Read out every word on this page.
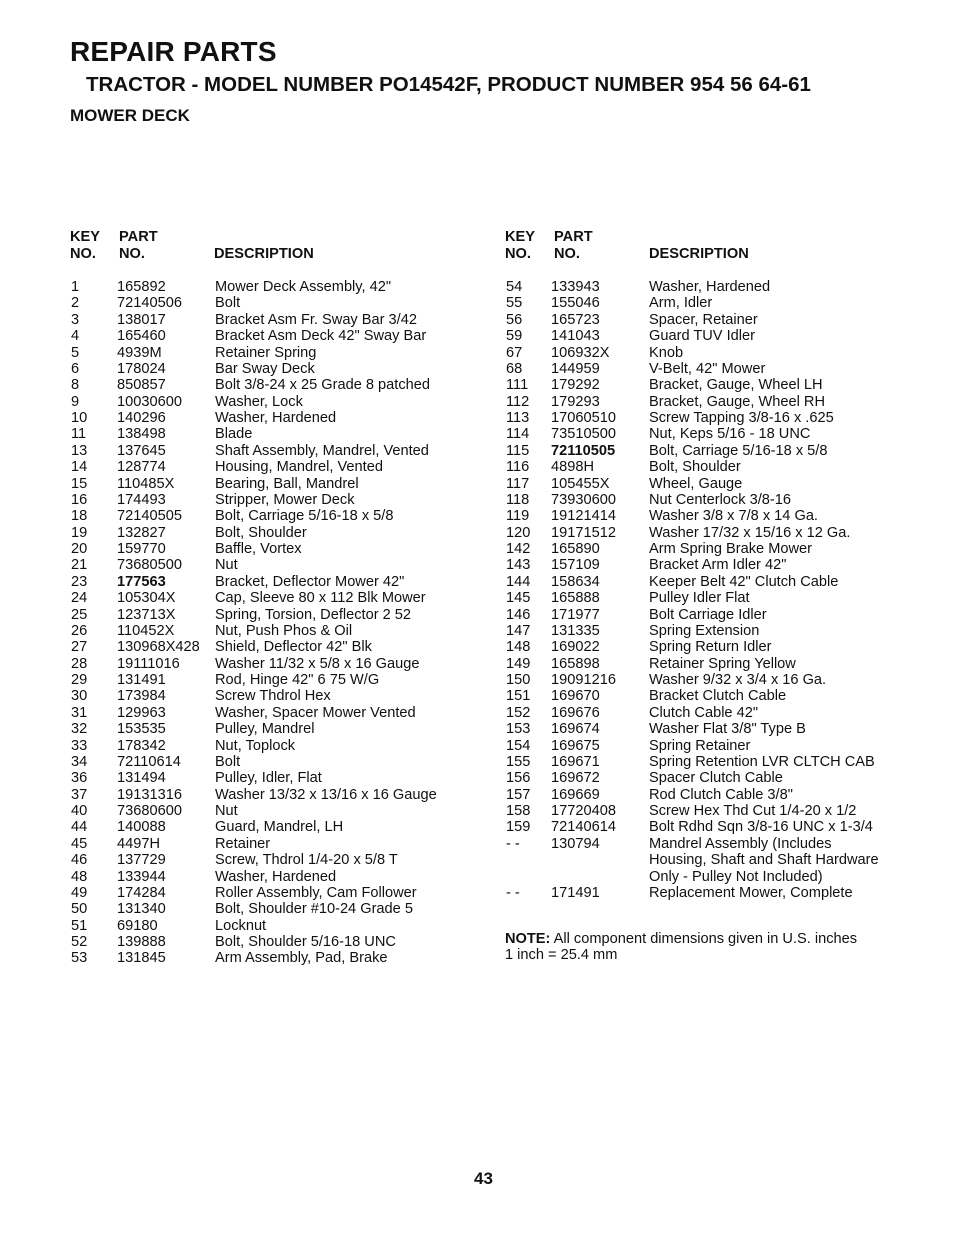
REPAIR PARTS
TRACTOR - MODEL NUMBER PO14542F, PRODUCT NUMBER 954 56 64-61
MOWER DECK
KEY
NO.
PART
NO.	DESCRIPTION
1	165892	Mower Deck Assembly, 42"
2	72140506 Bolt
3	138017	Bracket Asm Fr. Sway Bar 3/42
4	165460	Bracket Asm Deck 42" Sway Bar
5	4939M	Retainer Spring
6	178024	Bar Sway Deck
8	850857	Bolt 3/8-24 x 25 Grade 8 patched
9	10030600 Washer, Lock
10 140296	Washer, Hardened
11 138498	Blade
13 137645	Shaft Assembly, Mandrel, Vented
14 128774	Housing, Mandrel, Vented
15 110485X	Bearing, Ball, Mandrel
16 174493	Stripper, Mower Deck
18 72140505 Bolt, Carriage 5/16-18 x 5/8
19 132827	Bolt, Shoulder
20 159770	Baffle, Vortex
21 73680500 Nut
23 177563	Bracket, Deflector Mower 42"
24 105304X	Cap, Sleeve 80 x 112 Blk Mower
25 123713X	Spring, Torsion, Deflector 2 52
26 110452X	Nut, Push Phos & Oil
27 130968X428 Shield, Deflector 42" Blk
28 19111016 Washer 11/32 x 5/8 x 16 Gauge
29 131491	Rod, Hinge 42" 6 75 W/G
30 173984	Screw Thdrol Hex
31 129963	Washer, Spacer Mower Vented
32 153535	Pulley, Mandrel
33 178342	Nut, Toplock
34 72110614 Bolt
36 131494	Pulley, Idler, Flat
37 19131316 Washer 13/32 x 13/16 x 16 Gauge
40 73680600 Nut
44 140088	Guard, Mandrel, LH
45 4497H	Retainer
46 137729	Screw, Thdrol 1/4-20 x 5/8 T
48 133944	Washer, Hardened
49 174284	Roller Assembly, Cam Follower
50 131340	Bolt, Shoulder #10-24 Grade 5
51 69180	Locknut
52 139888	Bolt, Shoulder 5/16-18 UNC
53 131845	Arm Assembly, Pad, Brake
KEY
NO.
PART
NO.	DESCRIPTION
54 133943	Washer, Hardened
55 155046	Arm, Idler
56 165723	Spacer, Retainer
59 141043	Guard TUV Idler
67 106932X	Knob
68 144959	V-Belt, 42" Mower
111 179292	Bracket, Gauge, Wheel LH
112 179293	Bracket, Gauge, Wheel RH
113 17060510 Screw Tapping 3/8-16 x .625
114 73510500 Nut, Keps 5/16 - 18 UNC
115 72110505 Bolt, Carriage 5/16-18 x 5/8
116 4898H	Bolt, Shoulder
117 105455X	Wheel, Gauge
118 73930600 Nut Centerlock 3/8-16
119 19121414 Washer 3/8 x 7/8 x 14 Ga.
120 19171512 Washer 17/32 x 15/16 x 12 Ga.
142 165890	Arm Spring Brake Mower
143 157109	Bracket Arm Idler 42"
144 158634	Keeper Belt 42" Clutch Cable
145 165888	Pulley Idler Flat
146 171977	Bolt Carriage Idler
147 131335	Spring Extension
148 169022	Spring Return Idler
149 165898	Retainer Spring Yellow
150 19091216 Washer 9/32 x 3/4 x 16 Ga.
151 169670	Bracket Clutch Cable
152 169676	Clutch Cable 42"
153 169674	Washer Flat 3/8" Type B
154 169675	Spring Retainer
155 169671	Spring Retention LVR CLTCH CAB
156 169672	Spacer Clutch Cable
157 169669	Rod Clutch Cable 3/8"
158 17720408 Screw Hex Thd Cut 1/4-20 x 1/2
159 72140614 Bolt Rdhd Sqn 3/8-16 UNC x 1-3/4
- - 130794	Mandrel Assembly (Includes
Housing, Shaft and Shaft Hardware
Only - Pulley Not Included)
- - 171491	Replacement Mower, Complete
NOTE: All component dimensions given in U.S. inches
1 inch = 25.4 mm
43
